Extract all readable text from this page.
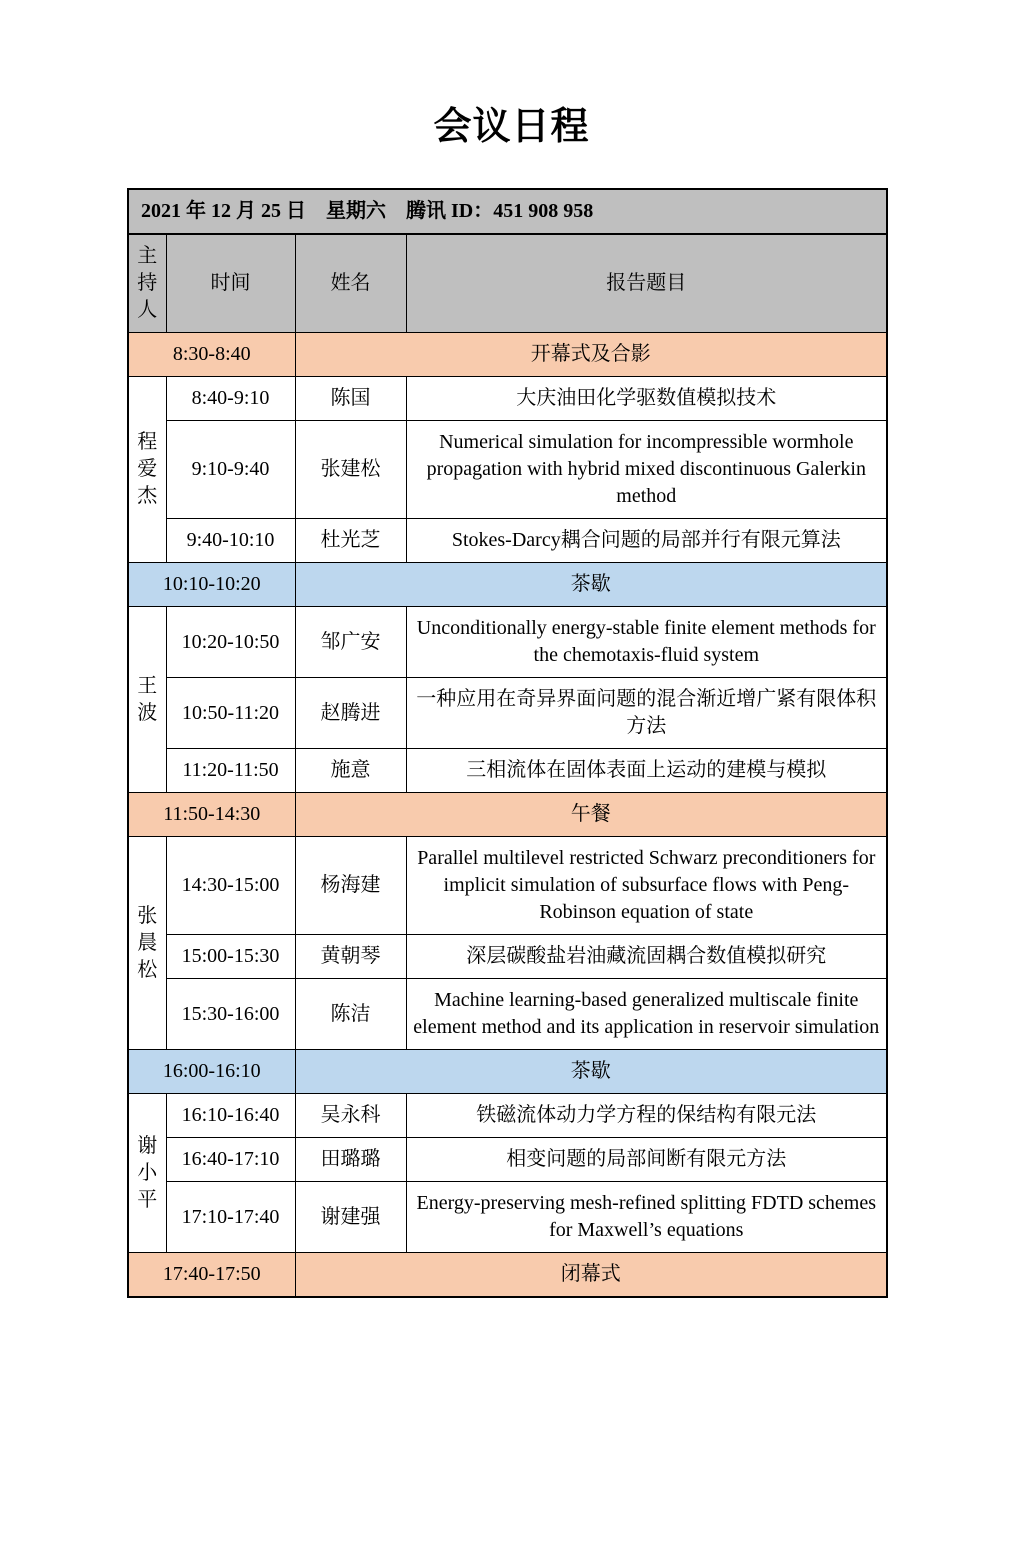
会议日程
2021 年 12 月 25 日　星期六　腾讯 ID：451 908 958			
主持人	时间	姓名	报告题目
8:30-8:40		开幕式及合影	
程爱杰	8:40-9:10	陈国	大庆油田化学驱数值模拟技术
	9:10-9:40	张建松	Numerical simulation for incompressible wormhole propagation with hybrid mixed discontinuous Galerkin method
	9:40-10:10	杜光芝	Stokes-Darcy耦合问题的局部并行有限元算法
10:10-10:20		茶歇	
王波	10:20-10:50	邹广安	Unconditionally energy-stable finite element methods for the chemotaxis-fluid system
	10:50-11:20	赵腾进	一种应用在奇异界面问题的混合渐近增广紧有限体积方法
	11:20-11:50	施意	三相流体在固体表面上运动的建模与模拟
11:50-14:30		午餐	
张晨松	14:30-15:00	杨海建	Parallel multilevel restricted Schwarz preconditioners for implicit simulation of subsurface flows with Peng-Robinson equation of state
	15:00-15:30	黄朝琴	深层碳酸盐岩油藏流固耦合数值模拟研究
	15:30-16:00	陈洁	Machine learning-based generalized multiscale finite element method and its application in reservoir simulation
16:00-16:10		茶歇	
谢小平	16:10-16:40	吴永科	铁磁流体动力学方程的保结构有限元法
	16:40-17:10	田璐璐	相变问题的局部间断有限元方法
	17:10-17:40	谢建强	Energy-preserving mesh-refined splitting FDTD schemes for Maxwell’s equations
17:40-17:50		闭幕式	
